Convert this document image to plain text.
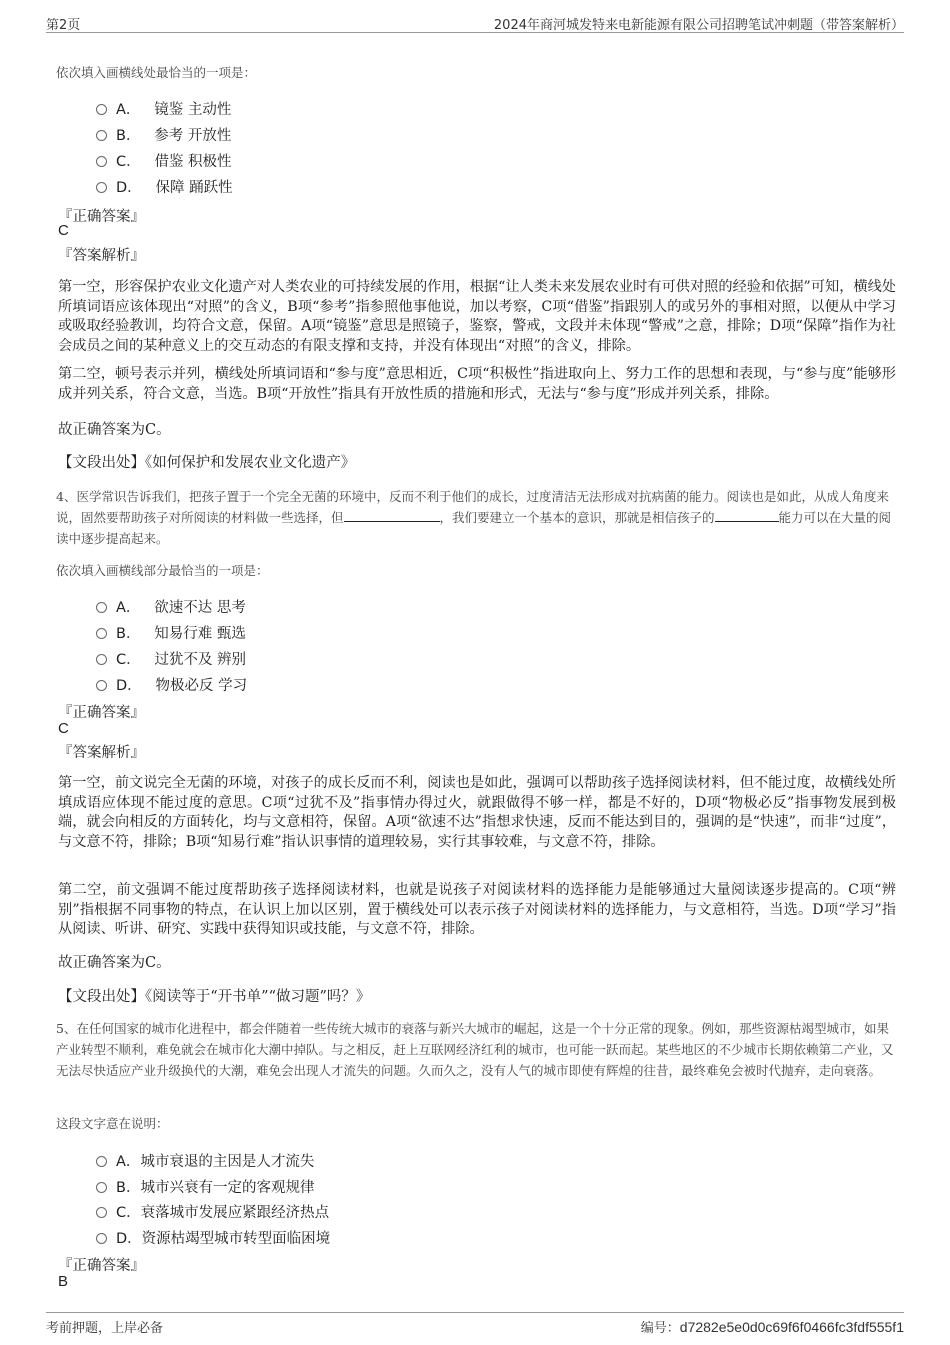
第2页	2024年商河城发特来电新能源有限公司招聘笔试冲刺题（带答案解析）
依次填入画横线处最恰当的一项是：
A． 镜鉴 主动性
B． 参考 开放性
C． 借鉴 积极性
D． 保障 踊跃性
『正确答案』
C
『答案解析』
第一空，形容保护农业文化遗产对人类农业的可持续发展的作用，根据“让人类未来发展农业时有可供对照的经验和依据”可知，横线处所填词语应该体现出“对照”的含义，B项“参考”指参照他事他说，加以考察，C项“借鉴”指跟别人的或另外的事相对照，以便从中学习或吸取经验教训，均符合文意，保留。A项“镜鉴”意思是照镜子，鉴察，警戒，文段并未体现“警戒”之意，排除；D项“保障”指作为社会成员之间的某种意义上的交互动态的有限支撑和支持，并没有体现出“对照”的含义，排除。
第二空，顿号表示并列，横线处所填词语和“参与度”意思相近，C项“积极性”指进取向上、努力工作的思想和表现，与“参与度”能够形成并列关系，符合文意，当选。B项“开放性”指具有开放性质的措施和形式，无法与“参与度”形成并列关系，排除。
故正确答案为C。
【文段出处】《如何保护和发展农业文化遗产》
4、医学常识告诉我们，把孩子置于一个完全无菌的环境中，反而不利于他们的成长，过度清洁无法形成对抗病菌的能力。阅读也是如此，从成人角度来说，固然要帮助孩子对所阅读的材料做一些选择，但	，我们要建立一个基本的意识，那就是相信孩子的	能力可以在大量的阅读中逐步提高起来。
依次填入画横线部分最恰当的一项是：
A． 欲速不达 思考
B． 知易行难 甄选
C． 过犹不及 辨别
D． 物极必反 学习
『正确答案』
C
『答案解析』
第一空，前文说完全无菌的环境，对孩子的成长反而不利，阅读也是如此，强调可以帮助孩子选择阅读材料，但不能过度，故横线处所填成语应体现不能过度的意思。C项“过犹不及”指事情办得过火，就跟做得不够一样，都是不好的，D项“物极必反”指事物发展到极端，就会向相反的方面转化，均与文意相符，保留。A项“欲速不达”指想求快速，反而不能达到目的，强调的是“快速”，而非“过度”，与文意不符，排除；B项“知易行难”指认识事情的道理较易，实行其事较难，与文意不符，排除。
第二空，前文强调不能过度帮助孩子选择阅读材料，也就是说孩子对阅读材料的选择能力是能够通过大量阅读逐步提高的。C项“辨别”指根据不同事物的特点，在认识上加以区别，置于横线处可以表示孩子对阅读材料的选择能力，与文意相符，当选。D项“学习”指从阅读、听讲、研究、实践中获得知识或技能，与文意不符，排除。
故正确答案为C。
【文段出处】《阅读等于“开书单”“做习题”吗？》
5、在任何国家的城市化进程中，都会伴随着一些传统大城市的衰落与新兴大城市的崛起，这是一个十分正常的现象。例如，那些资源枯竭型城市，如果产业转型不顺利，难免就会在城市化大潮中掉队。与之相反，赶上互联网经济红利的城市，也可能一跃而起。某些地区的不少城市长期依赖第二产业，又无法尽快适应产业升级换代的大潮，难免会出现人才流失的问题。久而久之，没有人气的城市即使有辉煌的往昔，最终难免会被时代抛弃，走向衰落。
这段文字意在说明：
A．城市衰退的主因是人才流失
B．城市兴衰有一定的客观规律
C．衰落城市发展应紧跟经济热点
D．资源枯竭型城市转型面临困境
『正确答案』
B
考前押题，上岸必备	编号：d7282e5e0d0c69f6f0466fc3fdf555f1
